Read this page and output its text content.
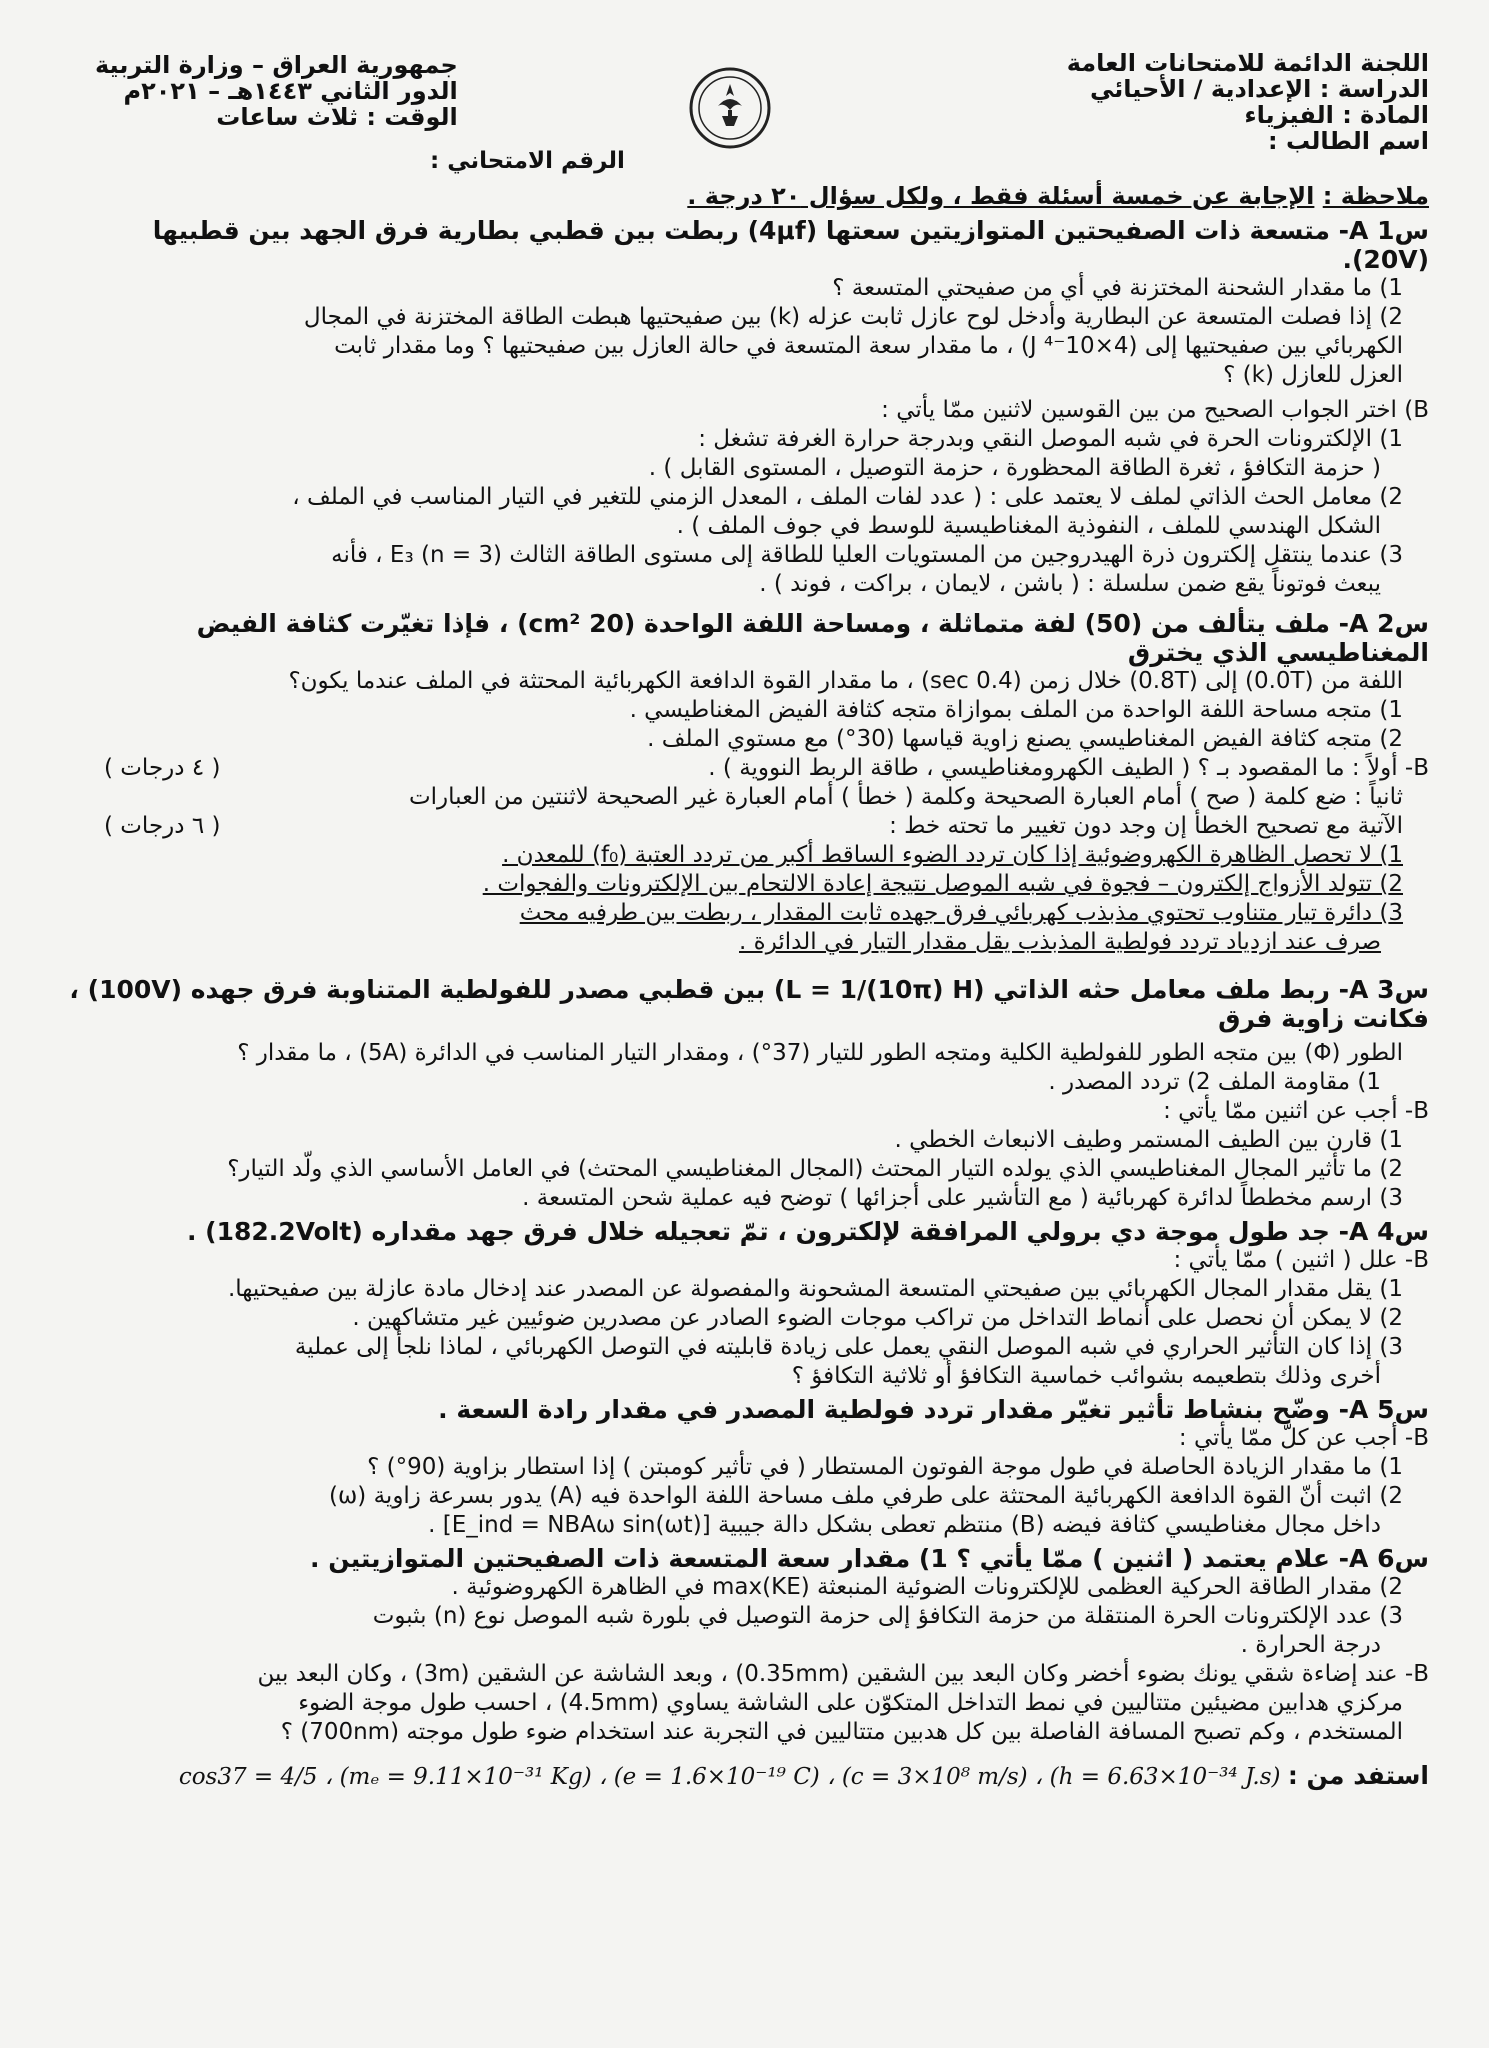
اللجنة الدائمة للامتحانات العامة
الدراسة : الإعدادية / الأحيائي
المادة : الفيزياء
اسم الطالب :
جمهورية العراق – وزارة التربية
الدور الثاني ١٤٤٣هـ – ٢٠٢١م
الوقت : ثلاث ساعات
الرقم الامتحاني :
ملاحظة : الإجابة عن خمسة أسئلة فقط ، ولكل سؤال ٢٠ درجة .
س1 A- متسعة ذات الصفيحتين المتوازيتين سعتها (4μf) ربطت بين قطبي بطارية فرق الجهد بين قطبيها (20V).
1) ما مقدار الشحنة المختزنة في أي من صفيحتي المتسعة ؟
2) إذا فصلت المتسعة عن البطارية وأدخل لوح عازل ثابت عزله (k) بين صفيحتيها هبطت الطاقة المختزنة في المجال
الكهربائي بين صفيحتيها إلى (4×10⁻⁴ J) ، ما مقدار سعة المتسعة في حالة العازل بين صفيحتيها ؟ وما مقدار ثابت
العزل للعازل (k) ؟
B) اختر الجواب الصحيح من بين القوسين لاثنين ممّا يأتي :
1) الإلكترونات الحرة في شبه الموصل النقي وبدرجة حرارة الغرفة تشغل :
( حزمة التكافؤ ، ثغرة الطاقة المحظورة ، حزمة التوصيل ، المستوى القابل ) .
2) معامل الحث الذاتي لملف لا يعتمد على : ( عدد لفات الملف ، المعدل الزمني للتغير في التيار المناسب في الملف ،
الشكل الهندسي للملف ، النفوذية المغناطيسية للوسط في جوف الملف ) .
3) عندما ينتقل إلكترون ذرة الهيدروجين من المستويات العليا للطاقة إلى مستوى الطاقة الثالث E₃ (n = 3) ، فأنه
يبعث فوتوناً يقع ضمن سلسلة : ( باشن ، لايمان ، براكت ، فوند ) .
س2 A- ملف يتألف من (50) لفة متماثلة ، ومساحة اللفة الواحدة (20 cm²) ، فإذا تغيّرت كثافة الفيض المغناطيسي الذي يخترق
اللفة من (0.0T) إلى (0.8T) خلال زمن (0.4 sec) ، ما مقدار القوة الدافعة الكهربائية المحتثة في الملف عندما يكون؟
1) متجه مساحة اللفة الواحدة من الملف بموازاة متجه كثافة الفيض المغناطيسي .
2) متجه كثافة الفيض المغناطيسي يصنع زاوية قياسها (30°) مع مستوي الملف .
B- أولاً : ما المقصود بـ ؟ ( الطيف الكهرومغناطيسي ، طاقة الربط النووية ) .
( ٤ درجات )
ثانياً : ضع كلمة ( صح ) أمام العبارة الصحيحة وكلمة ( خطأ ) أمام العبارة غير الصحيحة لاثنتين من العبارات
الآتية مع تصحيح الخطأ إن وجد دون تغيير ما تحته خط :
( ٦ درجات )
1) لا تحصل الظاهرة الكهروضوئية إذا كان تردد الضوء الساقط أكبر من تردد العتبة (f₀) للمعدن .
2) تتولد الأزواج إلكترون – فجوة في شبه الموصل نتيجة إعادة الالتحام بين الإلكترونات والفجوات .
3) دائرة تيار متناوب تحتوي مذبذب كهربائي فرق جهده ثابت المقدار ، ربطت بين طرفيه محث
صرف عند ازدياد تردد فولطية المذبذب يقل مقدار التيار في الدائرة .
س3 A- ربط ملف معامل حثه الذاتي (L = 1/(10π) H) بين قطبي مصدر للفولطية المتناوبة فرق جهده (100V) ، فكانت زاوية فرق
الطور (Φ) بين متجه الطور للفولطية الكلية ومتجه الطور للتيار (37°) ، ومقدار التيار المناسب في الدائرة (5A) ، ما مقدار ؟
1) مقاومة الملف 2) تردد المصدر .
B- أجب عن اثنين ممّا يأتي :
1) قارن بين الطيف المستمر وطيف الانبعاث الخطي .
2) ما تأثير المجال المغناطيسي الذي يولده التيار المحتث (المجال المغناطيسي المحتث) في العامل الأساسي الذي ولّد التيار؟
3) ارسم مخططاً لدائرة كهربائية ( مع التأشير على أجزائها ) توضح فيه عملية شحن المتسعة .
س4 A- جد طول موجة دي برولي المرافقة لإلكترون ، تمّ تعجيله خلال فرق جهد مقداره (182.2Volt) .
B- علل ( اثنين ) ممّا يأتي :
1) يقل مقدار المجال الكهربائي بين صفيحتي المتسعة المشحونة والمفصولة عن المصدر عند إدخال مادة عازلة بين صفيحتيها.
2) لا يمكن أن نحصل على أنماط التداخل من تراكب موجات الضوء الصادر عن مصدرين ضوئيين غير متشاكهين .
3) إذا كان التأثير الحراري في شبه الموصل النقي يعمل على زيادة قابليته في التوصل الكهربائي ، لماذا نلجأ إلى عملية
أخرى وذلك بتطعيمه بشوائب خماسية التكافؤ أو ثلاثية التكافؤ ؟
س5 A- وضّح بنشاط تأثير تغيّر مقدار تردد فولطية المصدر في مقدار رادة السعة .
B- أجب عن كلّ ممّا يأتي :
1) ما مقدار الزيادة الحاصلة في طول موجة الفوتون المستطار ( في تأثير كومبتن ) إذا استطار بزاوية (90°) ؟
2) اثبت أنّ القوة الدافعة الكهربائية المحتثة على طرفي ملف مساحة اللفة الواحدة فيه (A) يدور بسرعة زاوية (ω)
داخل مجال مغناطيسي كثافة فيضه (B) منتظم تعطى بشكل دالة جيبية [E_ind = NBAω sin(ωt)] .
س6 A- علام يعتمد ( اثنين ) ممّا يأتي ؟ 1) مقدار سعة المتسعة ذات الصفيحتين المتوازيتين .
2) مقدار الطاقة الحركية العظمى للإلكترونات الضوئية المنبعثة (KE)max في الظاهرة الكهروضوئية .
3) عدد الإلكترونات الحرة المنتقلة من حزمة التكافؤ إلى حزمة التوصيل في بلورة شبه الموصل نوع (n) بثبوت
درجة الحرارة .
B- عند إضاءة شقي يونك بضوء أخضر وكان البعد بين الشقين (0.35mm) ، وبعد الشاشة عن الشقين (3m) ، وكان البعد بين
مركزي هدابين مضيئين متتاليين في نمط التداخل المتكوّن على الشاشة يساوي (4.5mm) ، احسب طول موجة الضوء
المستخدم ، وكم تصبح المسافة الفاصلة بين كل هدبين متتاليين في التجربة عند استخدام ضوء طول موجته (700nm) ؟
استفد من : cos37 = 4/5 ، (mₑ = 9.11×10⁻³¹ Kg) ، (e = 1.6×10⁻¹⁹ C) ، (c = 3×10⁸ m/s) ، (h = 6.63×10⁻³⁴ J.s)
